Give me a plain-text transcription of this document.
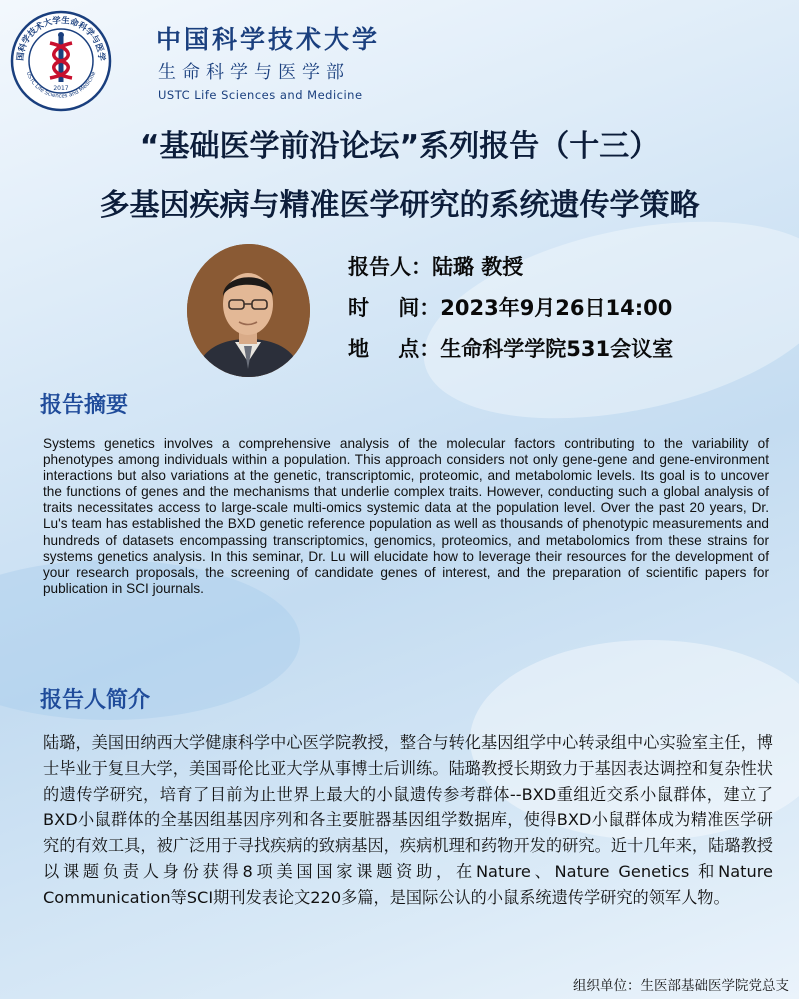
国科学技术大学生命科学与医学
USTC Life Sciences and Medicine
2017
中国科学技术大学
生命科学与医学部
USTC Life Sciences and Medicine
“基础医学前沿论坛”系列报告（十三）
多基因疾病与精准医学研究的系统遗传学策略
报告人：陆璐 教授
时    间：2023年9月26日14:00
地    点：生命科学学院531会议室
报告摘要

Systems genetics involves a comprehensive analysis of the molecular factors contributing to the variability of phenotypes among individuals within a population. This approach considers not only gene-gene and gene-environment interactions but also variations at the genetic, transcriptomic, proteomic, and metabolomic levels. Its goal is to uncover the functions of genes and the mechanisms that underlie complex traits. However, conducting such a global analysis of traits necessitates access to large-scale multi-omics systemic data at the population level. Over the past 20 years, Dr. Lu's team has established the BXD genetic reference population as well as thousands of phenotypic measurements and hundreds of datasets encompassing transcriptomics, genomics, proteomics, and metabolomics from these strains for systems genetics analysis. In this seminar, Dr. Lu will elucidate how to leverage their resources for the development of your research proposals, the screening of candidate genes of interest, and the preparation of scientific papers for publication in SCI journals.

报告人简介

陆璐，美国田纳西大学健康科学中心医学院教授，整合与转化基因组学中心转录组中心实验室主任，博士毕业于复旦大学，美国哥伦比亚大学从事博士后训练。陆璐教授长期致力于基因表达调控和复杂性状的遗传学研究，培育了目前为止世界上最大的小鼠遗传参考群体--BXD重组近交系小鼠群体，建立了BXD小鼠群体的全基因组基因序列和各主要脏器基因组学数据库，使得BXD小鼠群体成为精准医学研究的有效工具，被广泛用于寻找疾病的致病基因，疾病机理和药物开发的研究。近十几年来，陆璐教授以课题负责人身份获得8项美国国家课题资助，在Nature、Nature Genetics 和Nature Communication等SCI期刊发表论文220多篇，是国际公认的小鼠系统遗传学研究的领军人物。

组织单位：生医部基础医学院党总支
